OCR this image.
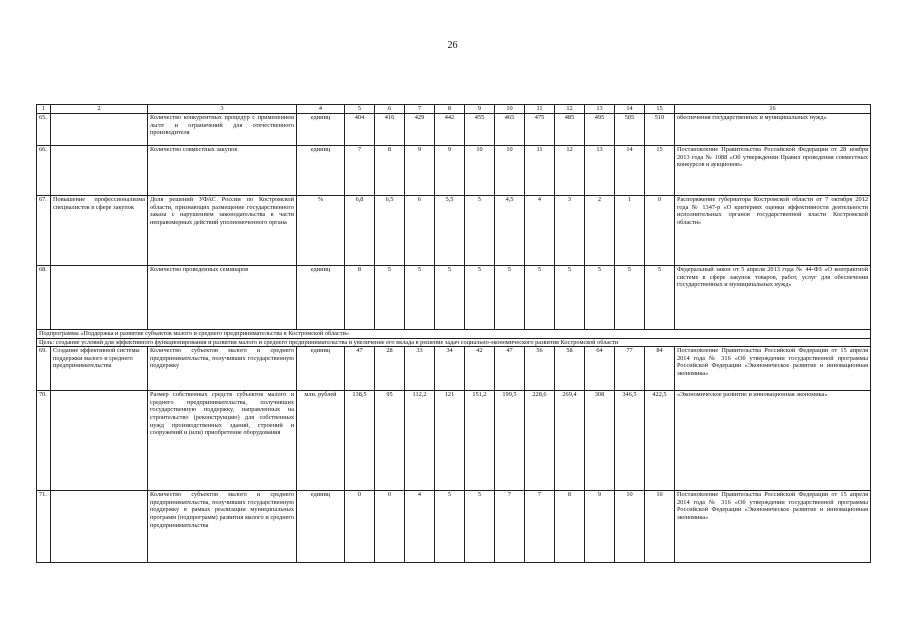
26
1	2	3	4	5	6	7	8	9	10	11	12	13	14	15	16
65.		Количество конкурентных процедур с применением льгот и ограничений для отечественного производителя	единиц	404	416	429	442	455	465	475	485	495	505	510	обеспечения государственных и муниципальных нужд»
66.		Количество совместных закупок	единиц	7	8	9	9	10	10	11	12	13	14	15	Постановление Правительства Российской Федерации от 28 ноября 2013 года № 1088 «Об утверждении Правил проведения совместных конкурсов и аукционов»
67.	Повышение профессионализма специалистов в сфере закупок	Доля решений УФАС России по Костромской области, признающих размещение государственного заказа с нарушением законодательства в части неправомерных действий уполномоченного органа	%	6,8	6,5	6	5,5	5	4,5	4	3	2	1	0	Распоряжение губернатора Костромской области от 7 октября 2012 года № 1347-р «О критериях оценки эффективности деятельности исполнительных органов государственной власти Костромской области»
68.		Количество проведенных семинаров	единиц	8	5	5	5	5	5	5	5	5	5	5	Федеральный закон от 5 апреля 2013 года № 44-ФЗ «О контрактной системе в сфере закупок товаров, работ, услуг для обеспечения государственных и муниципальных нужд»
Подпрограмма «Поддержка и развитие субъектов малого и среднего предпринимательства в Костромской области»															
Цель: создание условий для эффективного функционирования и развития малого и среднего предпринимательства и увеличение его вклада в решение задач социально-экономического развития Костромской области															
69.	Создание эффективной системы поддержки малого и среднего предпринимательства	Количество субъектов малого и среднего предпринимательства, получивших государственную поддержку	единиц	47	28	33	34	42	47	56	58	64	77	84	Постановление Правительства Российской Федерации от 15 апреля 2014 года № 316 «Об утверждении государственной программы Российской Федерации «Экономическое развитие и инновационная экономика»
70.		Размер собственных средств субъектов малого и среднего предпринимательства, получивших государственную поддержку, направленных на строительство (реконструкцию) для собственных нужд производственных зданий, строений и сооружений и (или) приобретение оборудования	млн. рублей	138,5	95	112,2	121	151,2	199,5	228,6	269,4	308	346,5	422,5	«Экономическое развитие и инновационная экономика»
71.		Количество субъектов малого и среднего предпринимательства, получивших государственную поддержку в рамках реализации муниципальных программ (подпрограмм) развития малого и среднего предпринимательства	единиц	0	0	4	5	5	7	7	8	9	10	10	Постановление Правительства Российской Федерации от 15 апреля 2014 года № 316 «Об утверждении государственной программы Российской Федерации «Экономическое развитие и инновационная экономика»
